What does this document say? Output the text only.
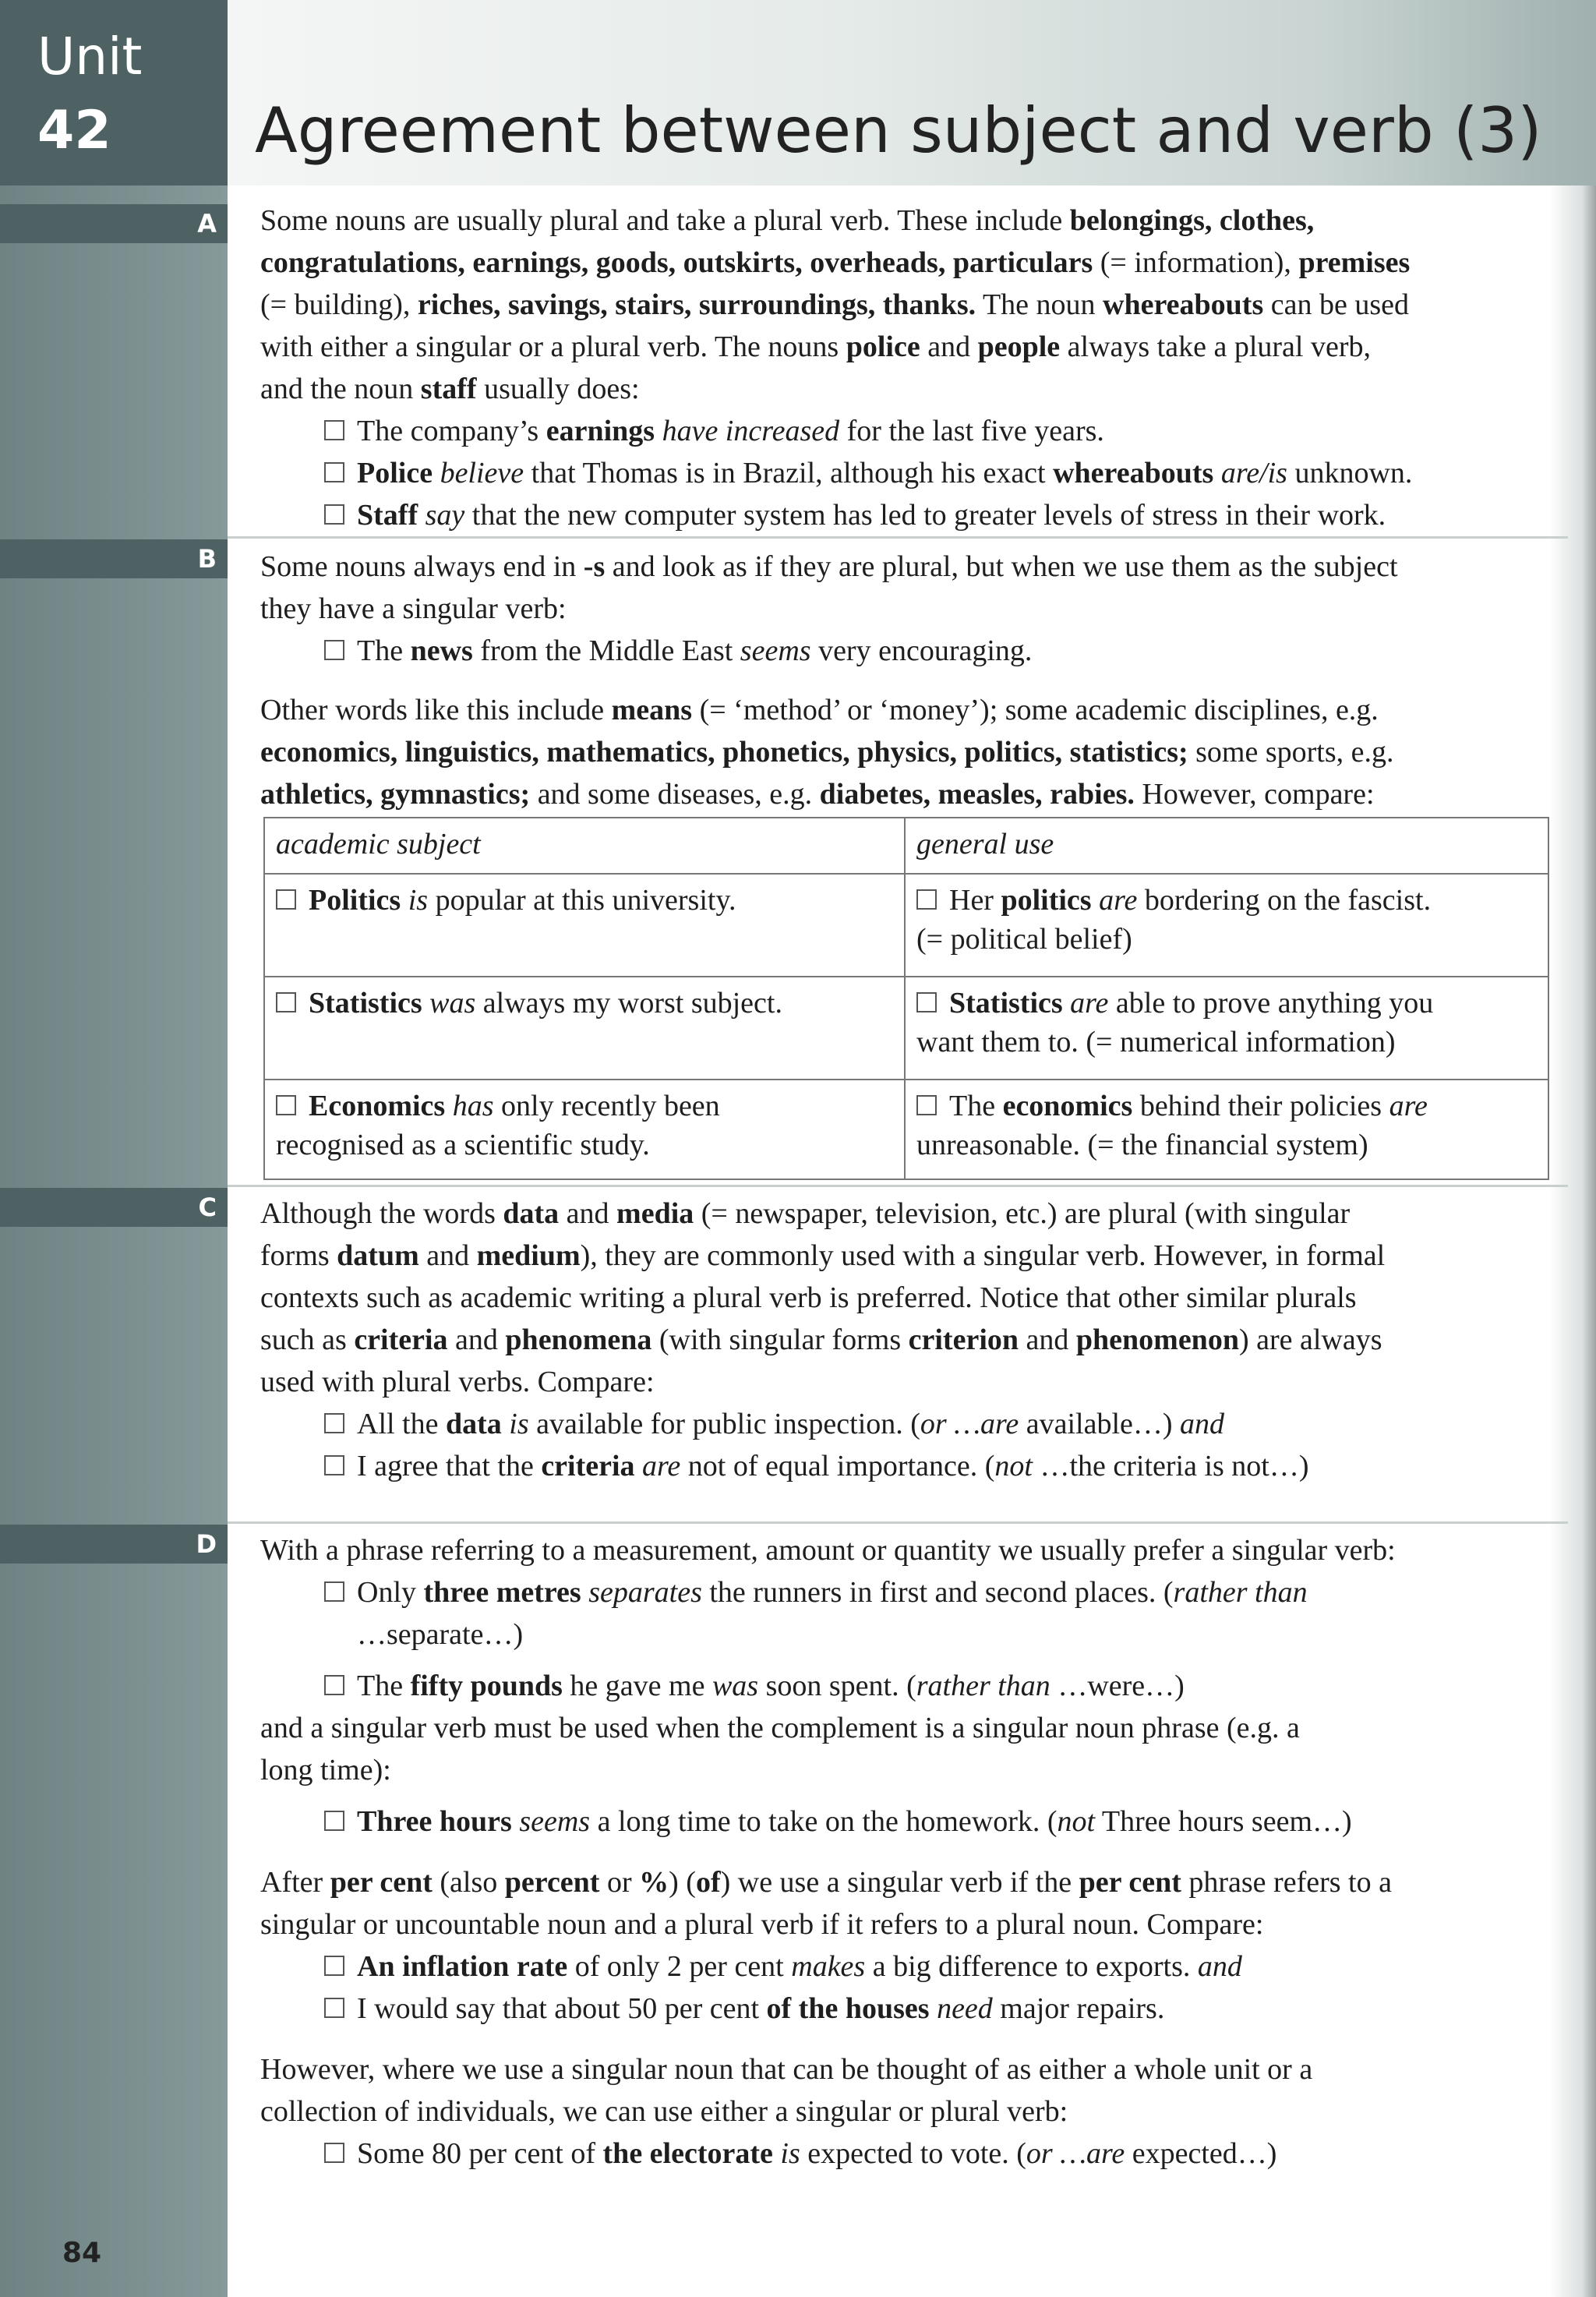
Unit
42 Agreement between subject and verb (3)
A Some nouns are usually plural and take a plural verb. These include belongings, clothes,

congratulations, earnings, goods, outskirts, overheads, particulars (= information), premises

(= building), riches, savings, stairs, surroundings, thanks. The noun whereabouts can be used

with either a singular or a plural verb. The nouns police and people always take a plural verb,

and the noun staff usually does:

The company’s earnings have increased for the last five years.

Police believe that Thomas is in Brazil, although his exact whereabouts are/is unknown.

Staff say that the new computer system has led to greater levels of stress in their work.

B Some nouns always end in -s and look as if they are plural, but when we use them as the subject

they have a singular verb:

The news from the Middle East seems very encouraging.

Other words like this include means (= ‘method’ or ‘money’); some academic disciplines, e.g.

economics, linguistics, mathematics, phonetics, physics, politics, statistics; some sports, e.g.

athletics, gymnastics; and some diseases, e.g. diabetes, measles, rabies. However, compare:

academic subject	general use
Politics is popular at this university.	Her politics are bordering on the fascist.
(= political belief)
Statistics was always my worst subject.	Statistics are able to prove anything you
want them to. (= numerical information)
Economics has only recently been
recognised as a scientific study.	The economics behind their policies are
unreasonable. (= the financial system)
C Although the words data and media (= newspaper, television, etc.) are plural (with singular

forms datum and medium), they are commonly used with a singular verb. However, in formal

contexts such as academic writing a plural verb is preferred. Notice that other similar plurals

such as criteria and phenomena (with singular forms criterion and phenomenon) are always

used with plural verbs. Compare:

All the data is available for public inspection. (or …are available…) and

I agree that the criteria are not of equal importance. (not …the criteria is not…)

D With a phrase referring to a measurement, amount or quantity we usually prefer a singular verb:

Only three metres separates the runners in first and second places. (rather than

…separate…)

The fifty pounds he gave me was soon spent. (rather than …were…)

and a singular verb must be used when the complement is a singular noun phrase (e.g. a

long time):

Three hours seems a long time to take on the homework. (not Three hours seem…)

After per cent (also percent or %) (of) we use a singular verb if the per cent phrase refers to a

singular or uncountable noun and a plural verb if it refers to a plural noun. Compare:

An inflation rate of only 2 per cent makes a big difference to exports. and

I would say that about 50 per cent of the houses need major repairs.

However, where we use a singular noun that can be thought of as either a whole unit or a

collection of individuals, we can use either a singular or plural verb:

Some 80 per cent of the electorate is expected to vote. (or …are expected…)

84
